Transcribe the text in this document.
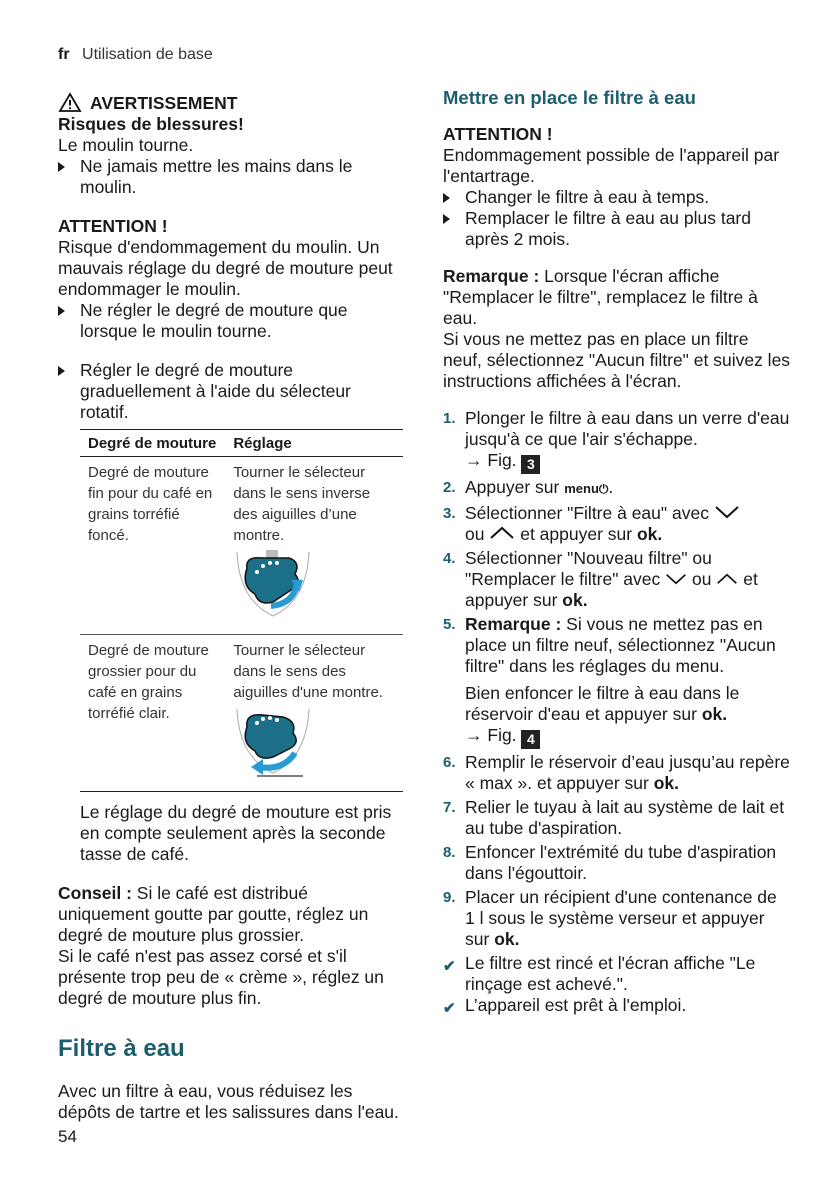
fr Utilisation de base
AVERTISSEMENT
Risques de blessures!
Le moulin tourne.
Ne jamais mettre les mains dans le moulin.
ATTENTION !
Risque d'endommagement du moulin. Un mauvais réglage du degré de mouture peut endommager le moulin.
Ne régler le degré de mouture que lorsque le moulin tourne.
Régler le degré de mouture graduellement à l'aide du sélecteur rotatif.
Degré de mouture	Réglage
Degré de mouture fin pour du café en grains torréfié foncé.	Tourner le sélecteur dans le sens inverse des aiguilles d’une montre.

Degré de mouture grossier pour du café en grains torréfié clair.	Tourner le sélecteur dans le sens des aiguilles d'une montre.
Le réglage du degré de mouture est pris en compte seulement après la seconde tasse de café.
Conseil : Si le café est distribué uniquement goutte par goutte, réglez un degré de mouture plus grossier.
Si le café n'est pas assez corsé et s'il présente trop peu de « crème », réglez un degré de mouture plus fin.
Filtre à eau
Avec un filtre à eau, vous réduisez les dépôts de tartre et les salissures dans l'eau.
54
Mettre en place le filtre à eau
ATTENTION !
Endommagement possible de l'appareil par l'entartrage.
Changer le filtre à eau à temps.
Remplacer le filtre à eau au plus tard après 2 mois.
Remarque : Lorsque l'écran affiche "Remplacer le filtre", remplacez le filtre à eau.
Si vous ne mettez pas en place un filtre neuf, sélectionnez "Aucun filtre" et suivez les instructions affichées à l'écran.
1. Plonger le filtre à eau dans un verre d'eau jusqu'à ce que l'air s'échappe.
→ Fig. 3
2. Appuyer sur menu⏻.
3. Sélectionner "Filtre à eau" avec
ou et appuyer sur ok.
4. Sélectionner "Nouveau filtre" ou "Remplacer le filtre" avec ou et appuyer sur ok.
5. Remarque : Si vous ne mettez pas en place un filtre neuf, sélectionnez "Aucun filtre" dans les réglages du menu.
Bien enfoncer le filtre à eau dans le réservoir d'eau et appuyer sur ok.
→ Fig. 4
6. Remplir le réservoir d’eau jusqu’au repère « max ». et appuyer sur ok.
7. Relier le tuyau à lait au système de lait et au tube d'aspiration.
8. Enfoncer l'extrémité du tube d'aspiration dans l'égouttoir.
9. Placer un récipient d'une contenance de 1 l sous le système verseur et appuyer sur ok.
✔ Le filtre est rincé et l'écran affiche "Le rinçage est achevé.".
✔ L’appareil est prêt à l'emploi.
